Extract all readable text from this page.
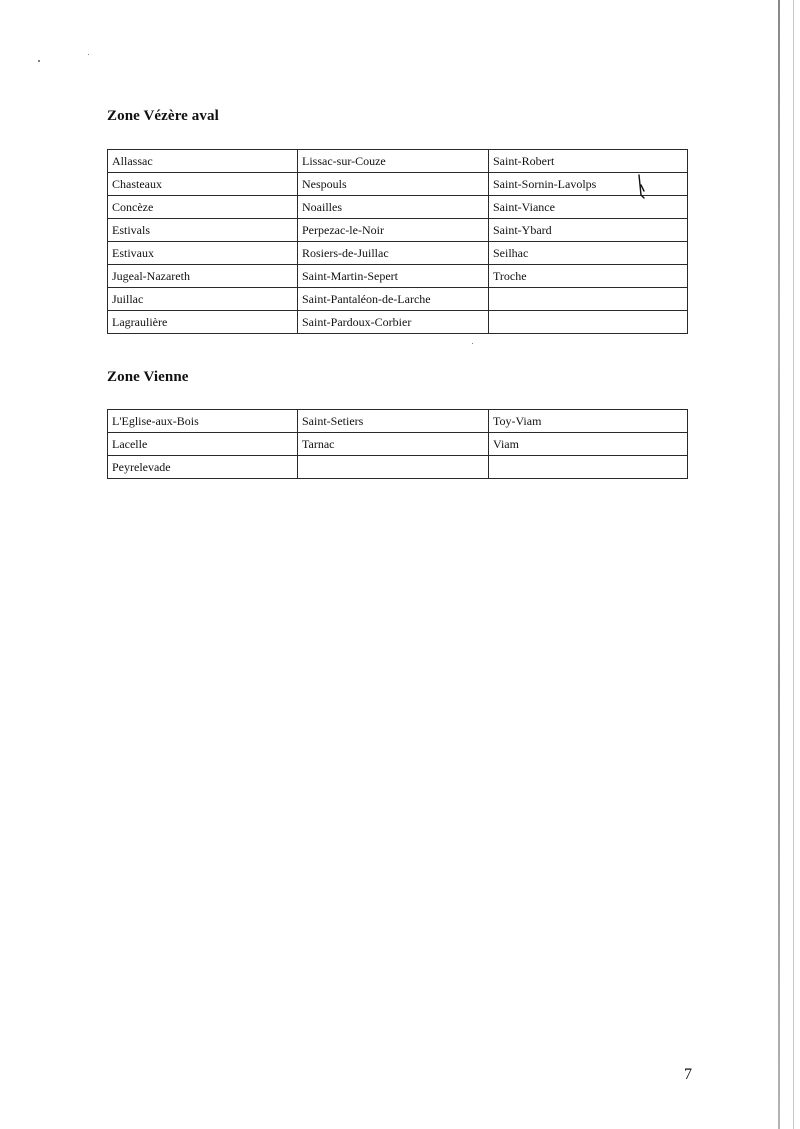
Zone Vézère aval
Allassac	Lissac-sur-Couze	Saint-Robert
Chasteaux	Nespouls	Saint-Sornin-Lavolps
Concèze	Noailles	Saint-Viance
Estivals	Perpezac-le-Noir	Saint-Ybard
Estivaux	Rosiers-de-Juillac	Seilhac
Jugeal-Nazareth	Saint-Martin-Sepert	Troche
Juillac	Saint-Pantaléon-de-Larche	
Lagraulière	Saint-Pardoux-Corbier	
Zone Vienne
L'Eglise-aux-Bois	Saint-Setiers	Toy-Viam
Lacelle	Tarnac	Viam
Peyrelevade		
7
